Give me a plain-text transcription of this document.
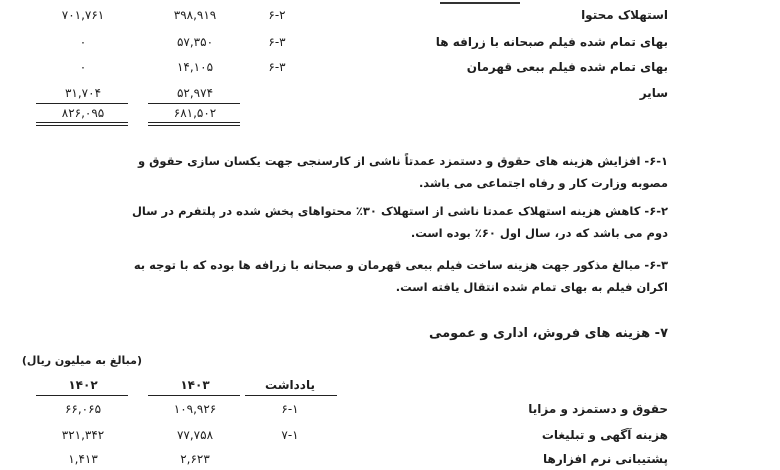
استهلاک محتوا
۶-۲
۳۹۸,۹۱۹
۷۰۱,۷۶۱
بهای تمام شده فیلم صبحانه با زرافه ها
۶-۳
۵۷,۳۵۰
۰
بهای تمام شده فیلم ببعی قهرمان
۶-۳
۱۴,۱۰۵
۰
سایر
۵۲,۹۷۴
۳۱,۷۰۴
۶۸۱,۵۰۲
۸۲۶,۰۹۵
۶-۱- افزایش هزینه های حقوق و دستمزد عمدتاً ناشی از کارسنجی جهت یکسان سازی حقوق و مصوبه وزارت کار و رفاه اجتماعی می باشد.
۶-۲- کاهش هزینه استهلاک عمدتا ناشی از استهلاک ۳۰٪ محتواهای پخش شده در پلتفرم در سال دوم می باشد که در، سال اول ۶۰٪ بوده است.
۶-۳- مبالغ مذکور جهت هزینه ساخت فیلم ببعی قهرمان و صبحانه با زرافه ها بوده که با توجه به اکران فیلم به بهای تمام شده انتقال یافته است.
۷- هزینه های فروش، اداری و عمومی
(مبالغ به میلیون ریال)
یادداشت
۱۴۰۳
۱۴۰۲
حقوق و دستمزد و مزایا
۶-۱
۱۰۹,۹۲۶
۶۶,۰۶۵
هزینه آگهی و تبلیغات
۷-۱
۷۷,۷۵۸
۳۲۱,۳۴۲
پشتیبانی نرم افزارها
۲,۶۲۳
۱,۴۱۳
